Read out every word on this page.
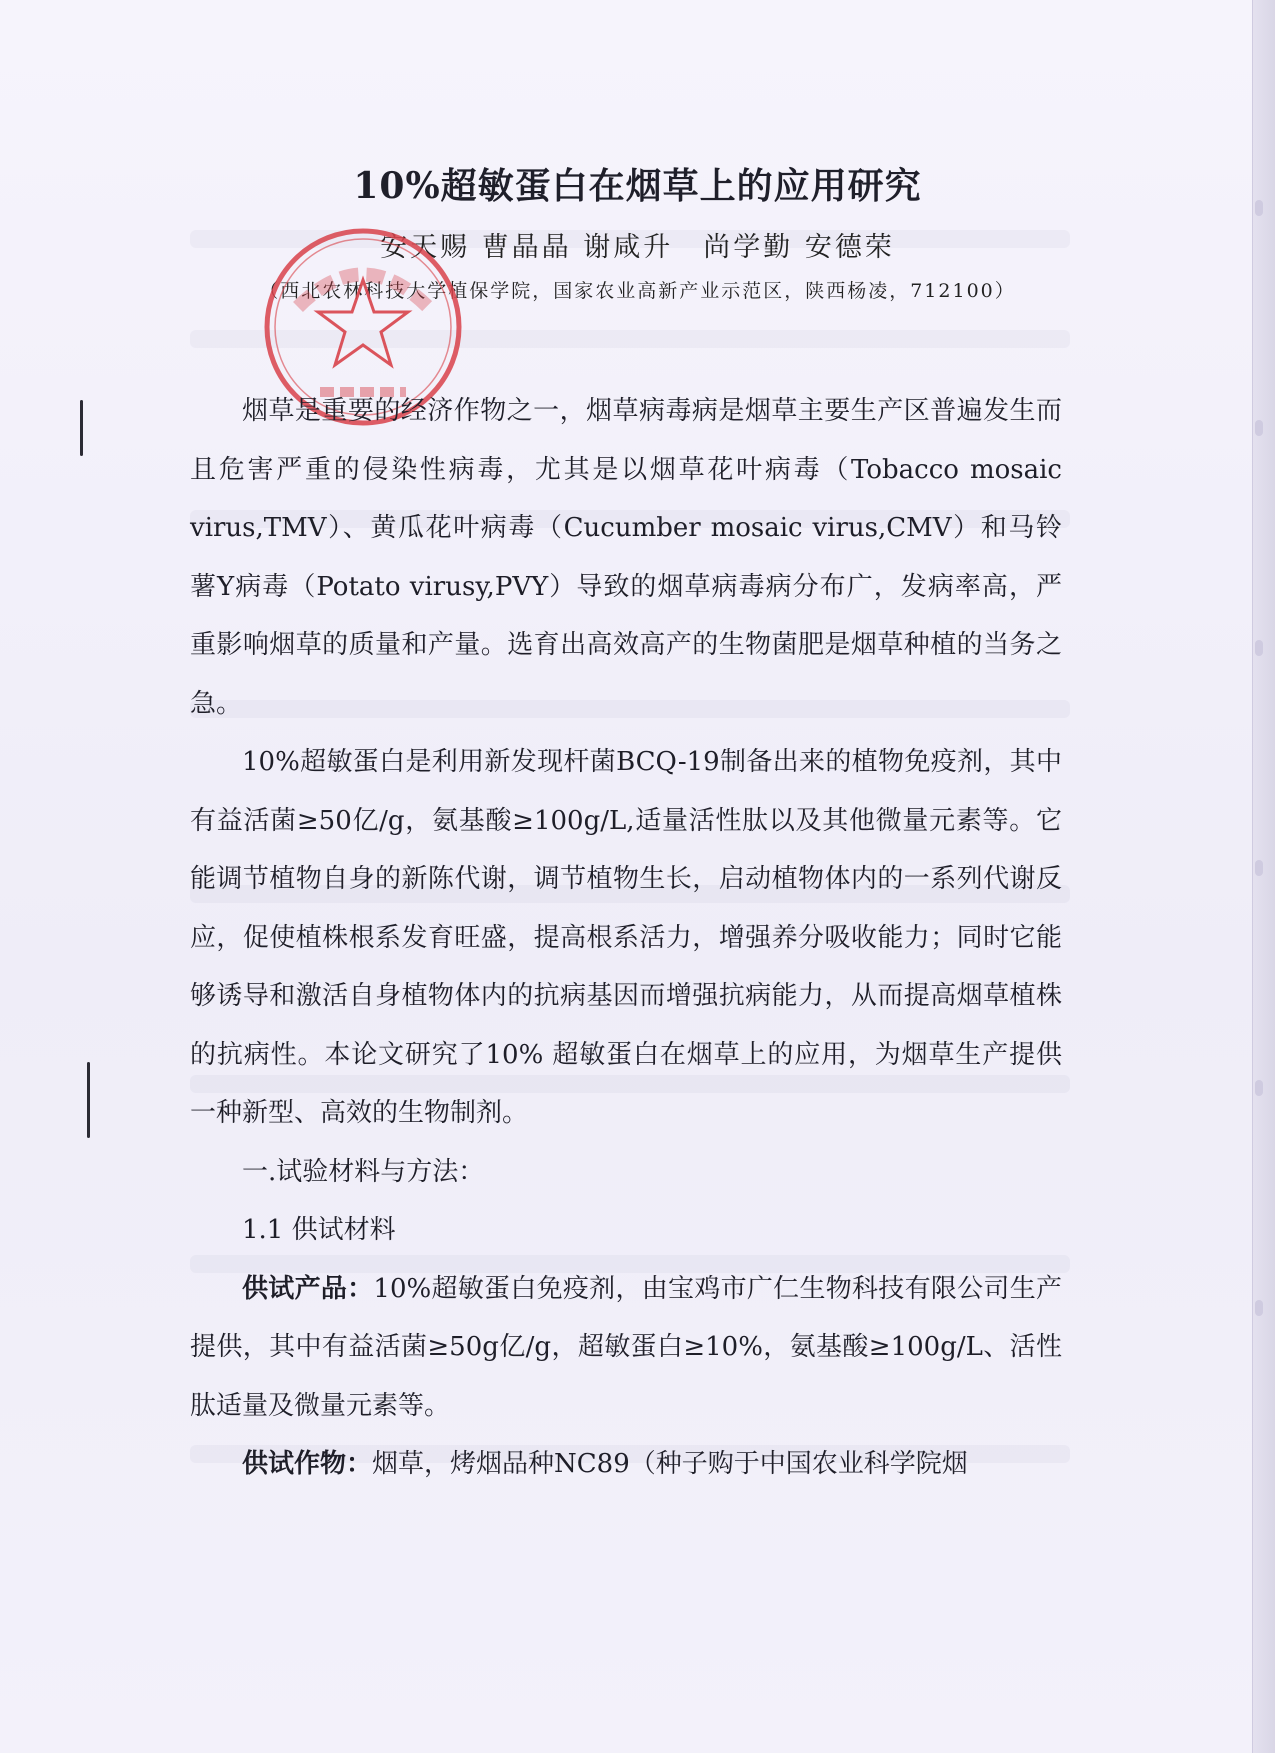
10%超敏蛋白在烟草上的应用研究
安天赐 曹晶晶 谢咸升　尚学勤 安德荣
（西北农林科技大学植保学院，国家农业高新产业示范区，陕西杨凌，712100）

烟草是重要的经济作物之一，烟草病毒病是烟草主要生产区普遍发生而且危害严重的侵染性病毒，尤其是以烟草花叶病毒（Tobacco mosaic virus,TMV）、黄瓜花叶病毒（Cucumber mosaic virus,CMV）和马铃薯Y病毒（Potato virusy,PVY）导致的烟草病毒病分布广，发病率高，严重影响烟草的质量和产量。选育出高效高产的生物菌肥是烟草种植的当务之急。

10%超敏蛋白是利用新发现杆菌BCQ-19制备出来的植物免疫剂，其中有益活菌≥50亿/g，氨基酸≥100g/L,适量活性肽以及其他微量元素等。它能调节植物自身的新陈代谢，调节植物生长，启动植物体内的一系列代谢反应，促使植株根系发育旺盛，提高根系活力，增强养分吸收能力；同时它能够诱导和激活自身植物体内的抗病基因而增强抗病能力，从而提高烟草植株的抗病性。本论文研究了10% 超敏蛋白在烟草上的应用，为烟草生产提供一种新型、高效的生物制剂。

一.试验材料与方法：

1.1 供试材料

供试产品：10%超敏蛋白免疫剂，由宝鸡市广仁生物科技有限公司生产提供，其中有益活菌≥50g亿/g，超敏蛋白≥10%，氨基酸≥100g/L、活性肽适量及微量元素等。

供试作物：烟草，烤烟品种NC89（种子购于中国农业科学院烟
